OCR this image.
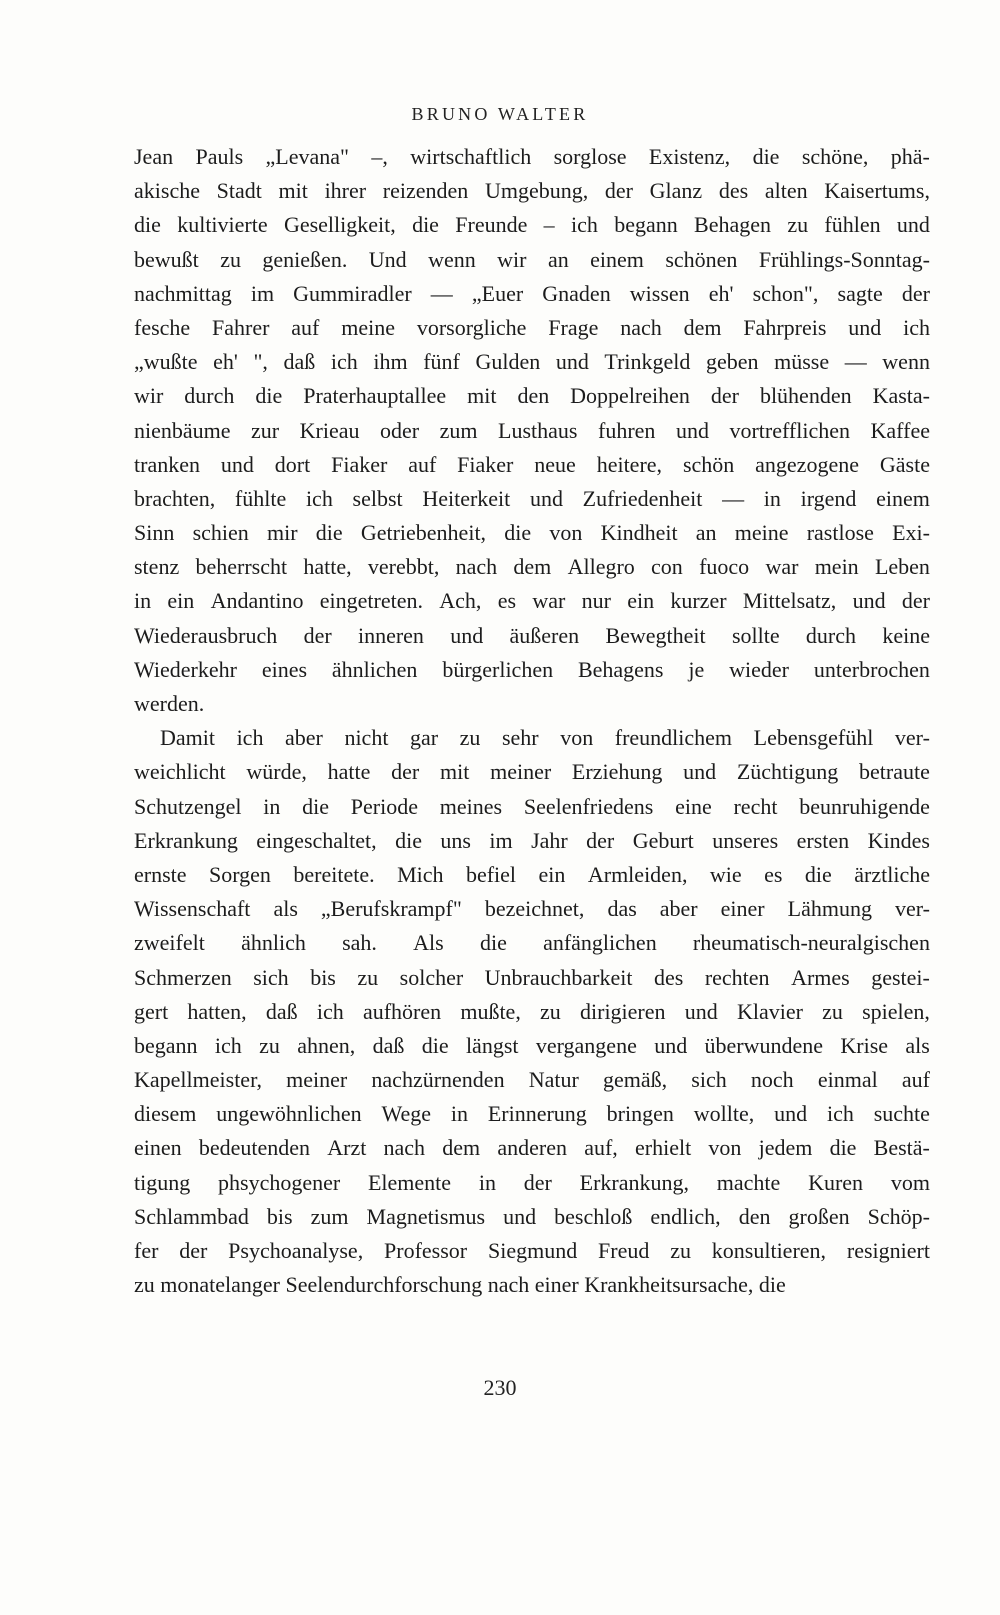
BRUNO WALTER
Jean Pauls „Levana" –, wirtschaftlich sorglose Existenz, die schöne, phä-
akische Stadt mit ihrer reizenden Umgebung, der Glanz des alten Kaisertums,
die kultivierte Geselligkeit, die Freunde – ich begann Behagen zu fühlen und
bewußt zu genießen. Und wenn wir an einem schönen Frühlings-Sonntag-
nachmittag im Gummiradler — „Euer Gnaden wissen eh' schon", sagte der
fesche Fahrer auf meine vorsorgliche Frage nach dem Fahrpreis und ich
„wußte eh' ", daß ich ihm fünf Gulden und Trinkgeld geben müsse — wenn
wir durch die Praterhauptallee mit den Doppelreihen der blühenden Kasta-
nienbäume zur Krieau oder zum Lusthaus fuhren und vortrefflichen Kaffee
tranken und dort Fiaker auf Fiaker neue heitere, schön angezogene Gäste
brachten, fühlte ich selbst Heiterkeit und Zufriedenheit — in irgend einem
Sinn schien mir die Getriebenheit, die von Kindheit an meine rastlose Exi-
stenz beherrscht hatte, verebbt, nach dem Allegro con fuoco war mein Leben
in ein Andantino eingetreten. Ach, es war nur ein kurzer Mittelsatz, und der
Wiederausbruch der inneren und äußeren Bewegtheit sollte durch keine
Wiederkehr eines ähnlichen bürgerlichen Behagens je wieder unterbrochen
werden.
Damit ich aber nicht gar zu sehr von freundlichem Lebensgefühl ver-
weichlicht würde, hatte der mit meiner Erziehung und Züchtigung betraute
Schutzengel in die Periode meines Seelenfriedens eine recht beunruhigende
Erkrankung eingeschaltet, die uns im Jahr der Geburt unseres ersten Kindes
ernste Sorgen bereitete. Mich befiel ein Armleiden, wie es die ärztliche
Wissenschaft als „Berufskrampf" bezeichnet, das aber einer Lähmung ver-
zweifelt ähnlich sah. Als die anfänglichen rheumatisch-neuralgischen
Schmerzen sich bis zu solcher Unbrauchbarkeit des rechten Armes gestei-
gert hatten, daß ich aufhören mußte, zu dirigieren und Klavier zu spielen,
begann ich zu ahnen, daß die längst vergangene und überwundene Krise als
Kapellmeister, meiner nachzürnenden Natur gemäß, sich noch einmal auf
diesem ungewöhnlichen Wege in Erinnerung bringen wollte, und ich suchte
einen bedeutenden Arzt nach dem anderen auf, erhielt von jedem die Bestä-
tigung phsychogener Elemente in der Erkrankung, machte Kuren vom
Schlammbad bis zum Magnetismus und beschloß endlich, den großen Schöp-
fer der Psychoanalyse, Professor Siegmund Freud zu konsultieren, resigniert
zu monatelanger Seelendurchforschung nach einer Krankheitsursache, die
230
